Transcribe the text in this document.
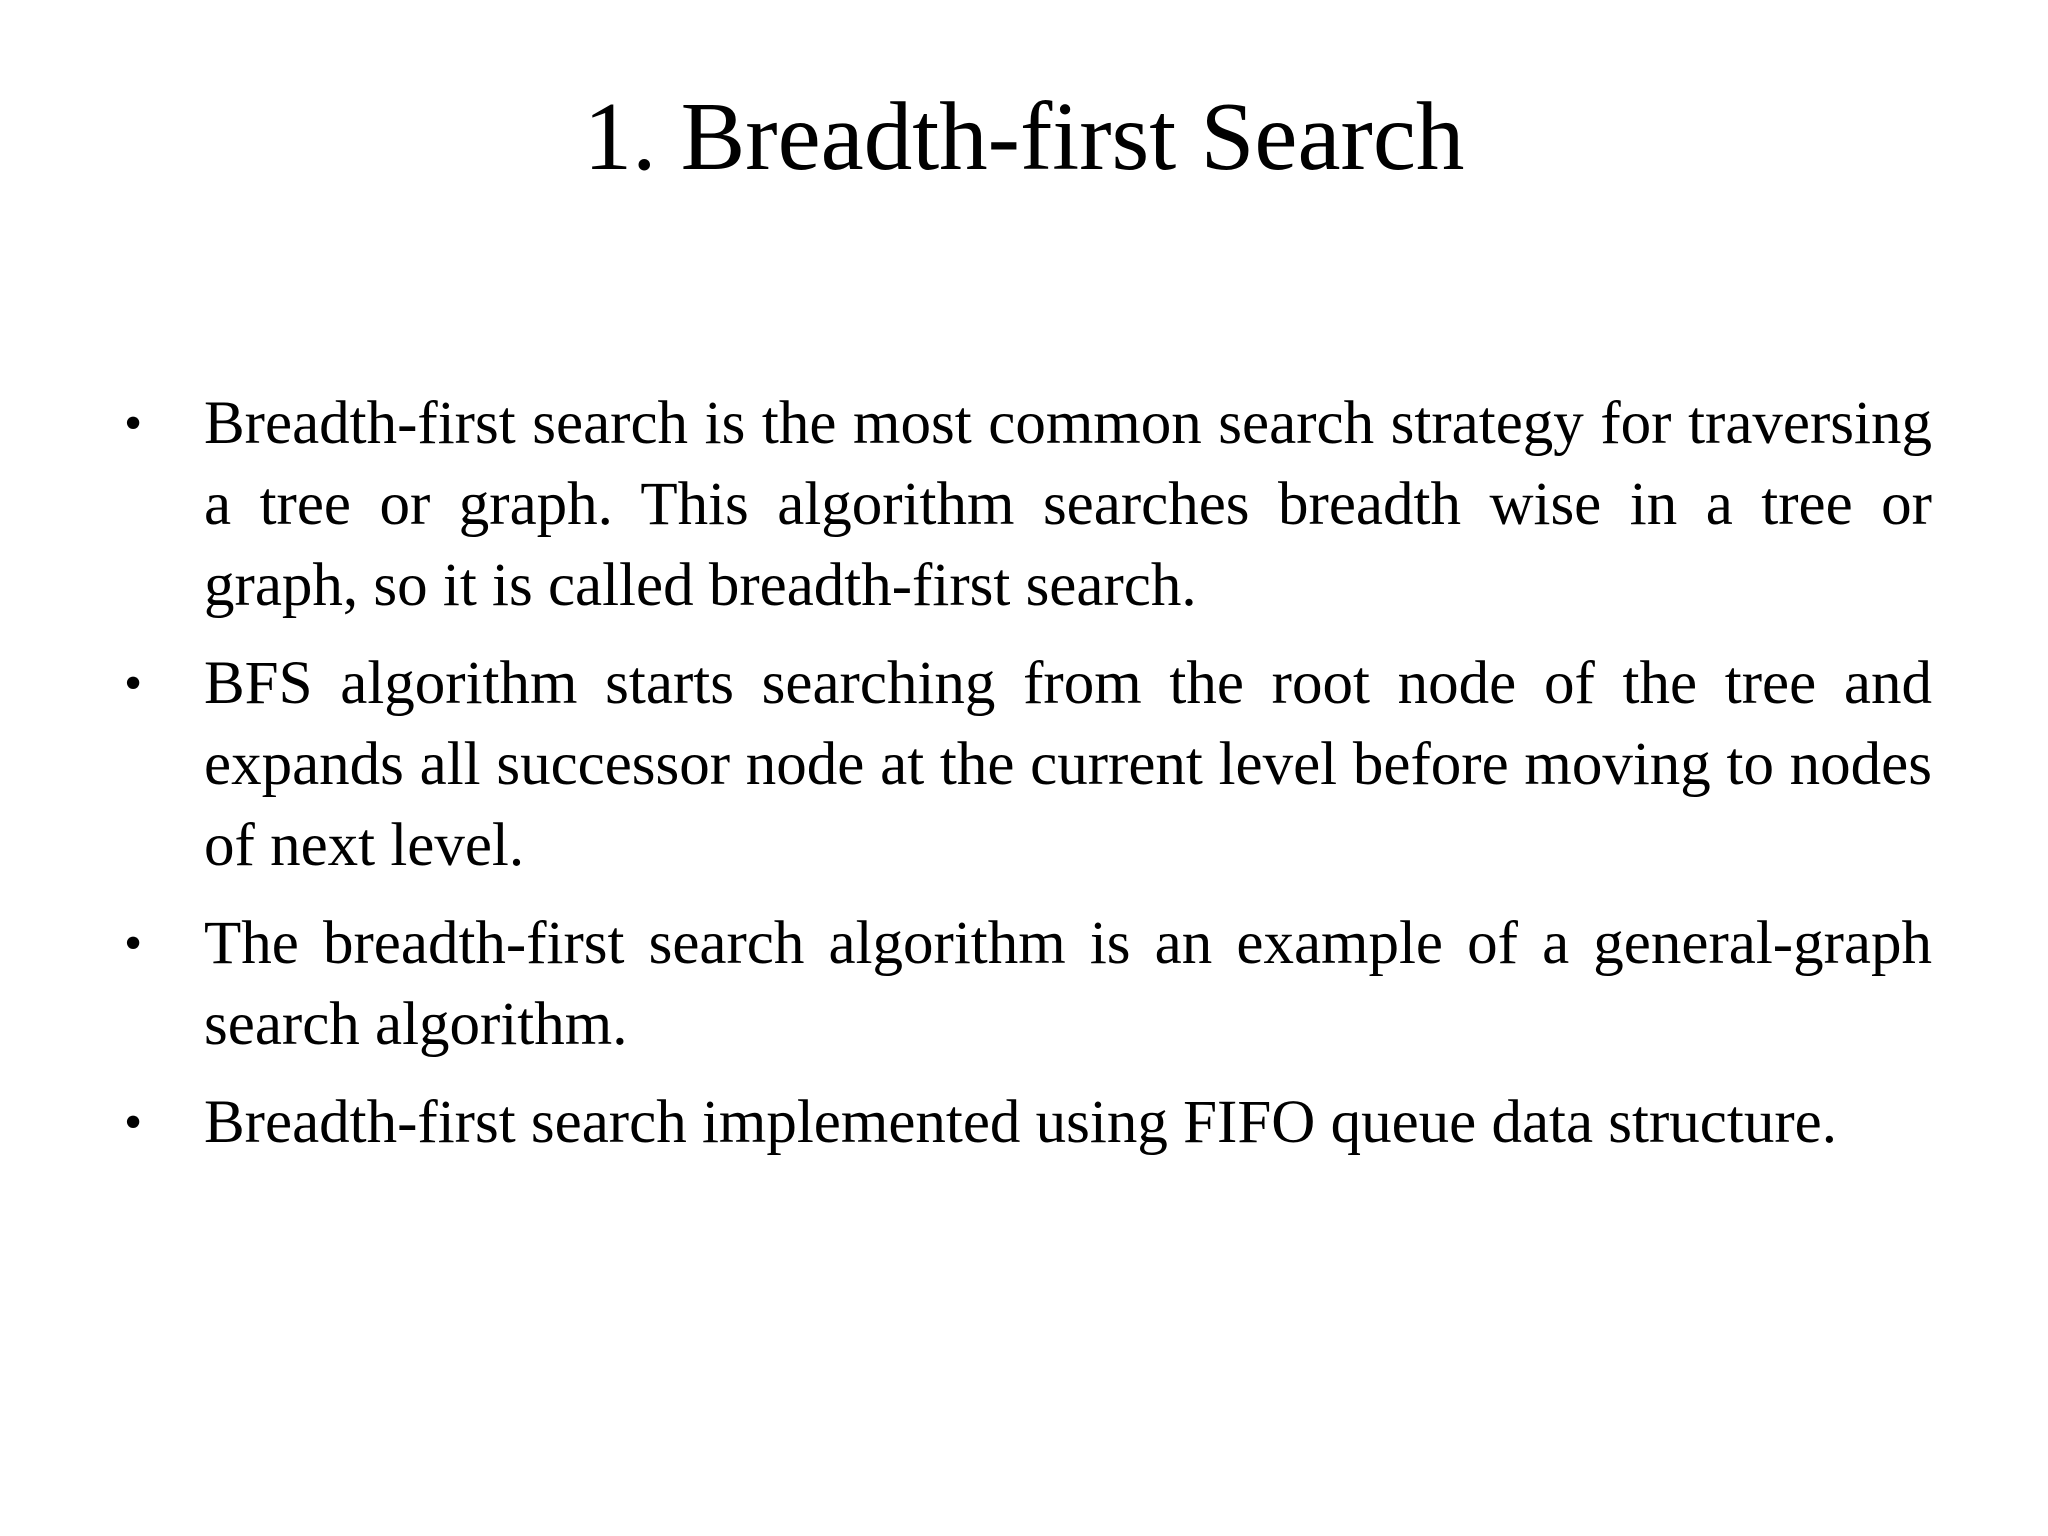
1. Breadth-first Search
• Breadth-first search is the most common search strategy for traversing a tree or graph. This algorithm searches breadth wise in a tree or graph, so it is called breadth-first search.
• BFS algorithm starts searching from the root node of the tree and expands all successor node at the current level before moving to nodes of next level.
• The breadth-first search algorithm is an example of a general-graph search algorithm.
• Breadth-first search implemented using FIFO queue data structure.
